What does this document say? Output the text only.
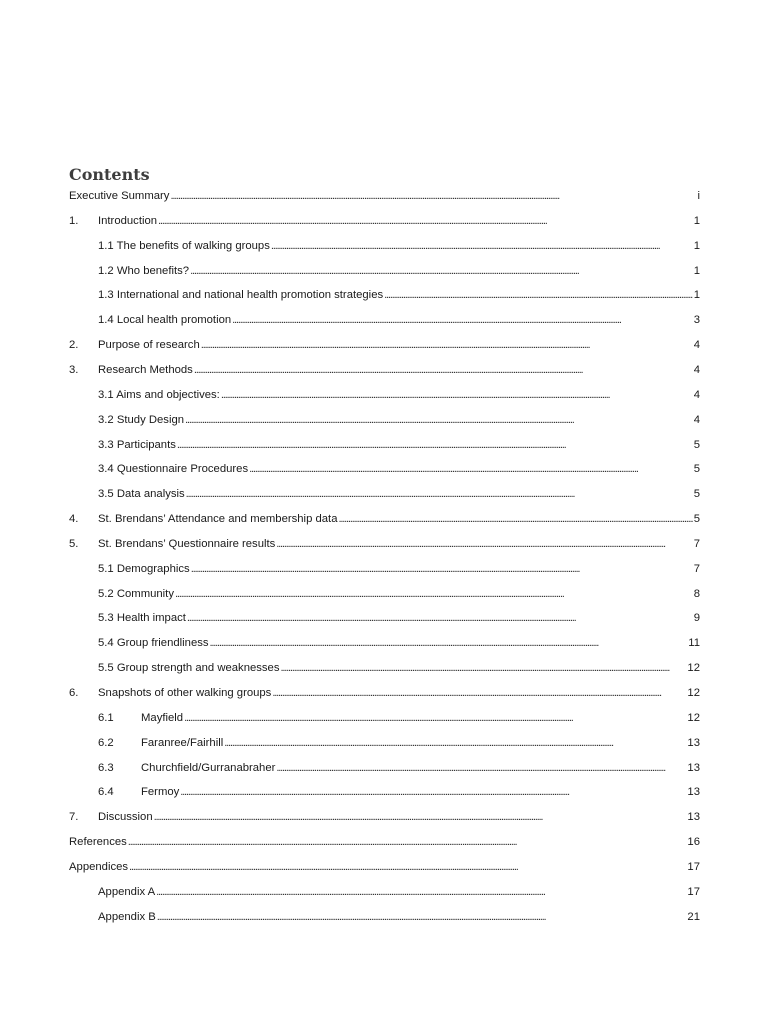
Contents
Executive Summary . . .	i
1.	Introduction . . .	1
1.1 The benefits of walking groups . . .	1
1.2 Who benefits? . . .	1
1.3 International and national health promotion strategies . . .	1
1.4 Local health promotion . . .	3
2.	Purpose of research . . .	4
3.	Research Methods . . .	4
3.1 Aims and objectives: . . .	4
3.2 Study Design . . .	4
3.3 Participants . . .	5
3.4 Questionnaire Procedures . . .	5
3.5 Data analysis . . .	5
4.	St. Brendans’ Attendance and membership data . . .	5
5.	St. Brendans’ Questionnaire results . . .	7
5.1 Demographics . . .	7
5.2 Community . . .	8
5.3 Health impact . . .	9
5.4 Group friendliness . . .	11
5.5 Group strength and weaknesses . . .	12
6.	Snapshots of other walking groups . . .	12
6.1	Mayfield . . .	12
6.2	Faranree/Fairhill . . .	13
6.3	Churchfield/Gurranabraher . . .	13
6.4	Fermoy . . .	13
7.	Discussion . . .	13
References . . .	16
Appendices . . .	17
Appendix A . . .	17
Appendix B . . .	21
